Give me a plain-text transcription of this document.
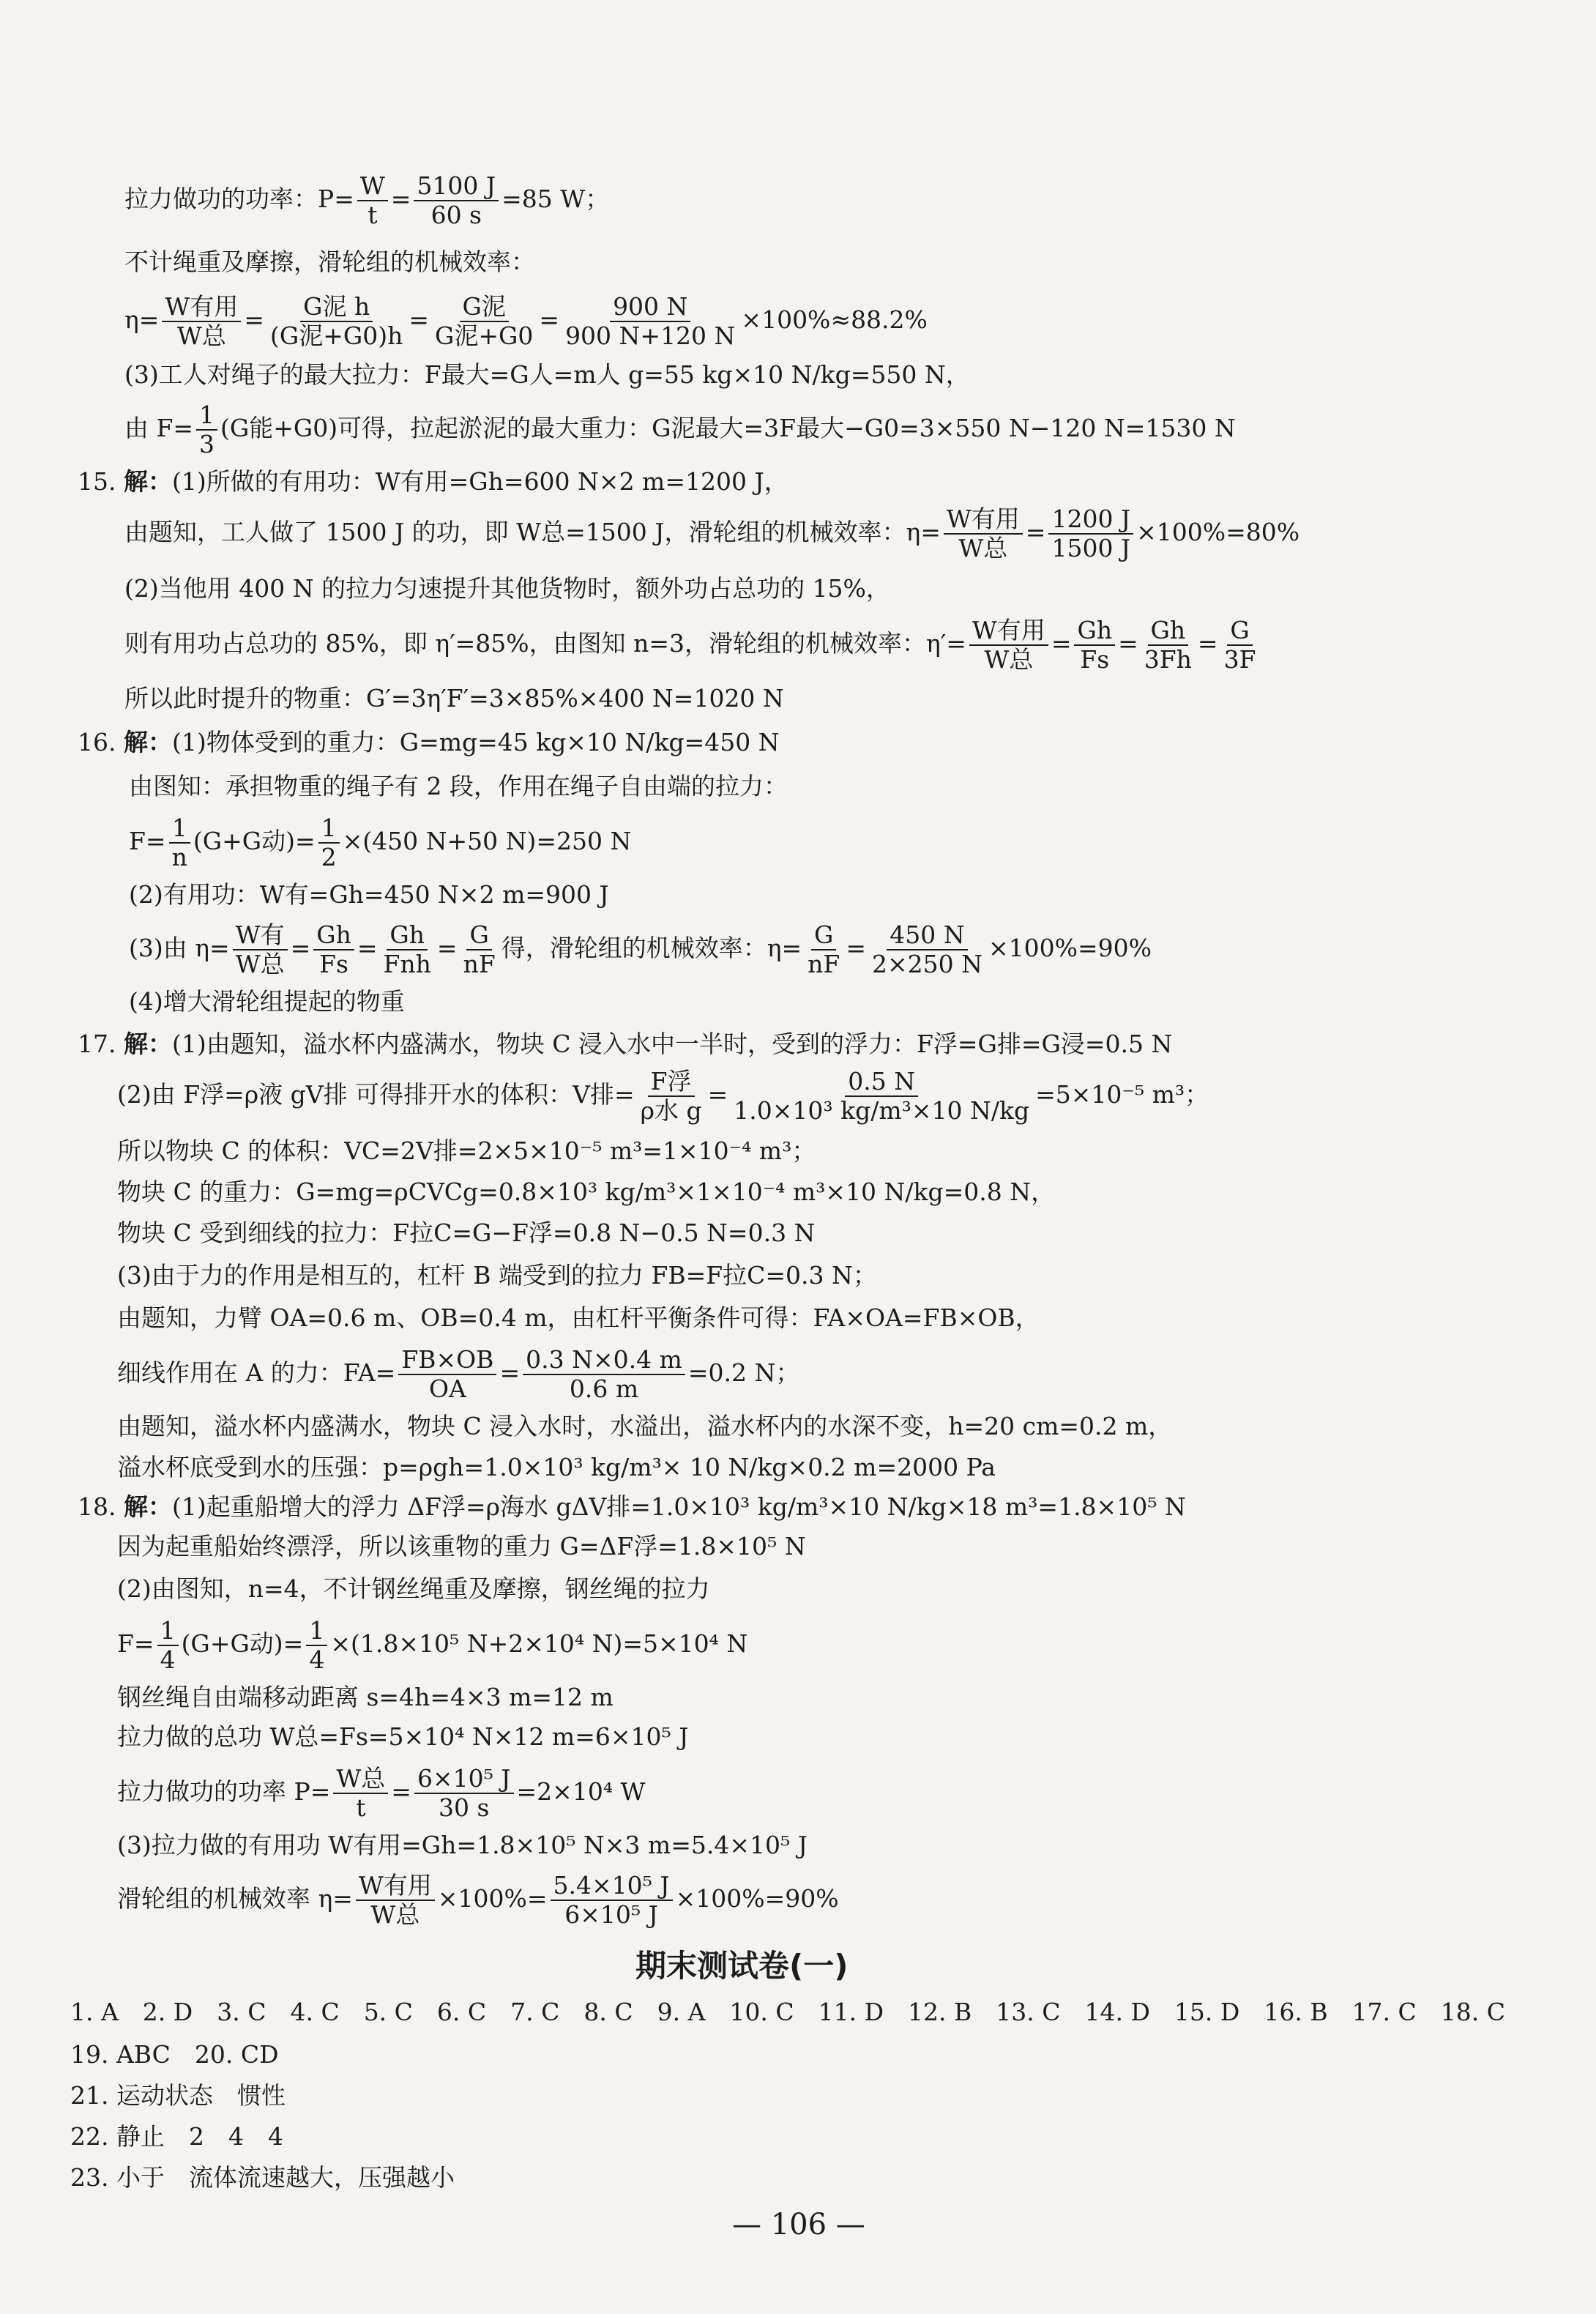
拉力做功的功率：$P= \frac{W}{t} = \frac{5100 J}{60 s} =85$ W；
不计绳重及摩擦，滑轮组的机械效率：
$\eta= \frac{\text{W有用}}{\text{W总}} = \frac{\text{G泥 h}}{\text{(G泥+G0)h}} = \frac{\text{G泥}}{\text{G泥+G0}} = \frac{900 N}{900 N+120 N} \times 100\%\approx 88.2\%$
(3)工人对绳子的最大拉力：F最大=G人=m人 g=55 kg×10 N/kg=550 N，
由 $F= \frac{1}{3} (G$能+G0)可得，拉起淤泥的最大重力：G泥最大=3F最大−G0=3×550 N−120 N=1530 N
15. 解：(1)所做的有用功：W有用=Gh=600 N×2 m=1200 J，
由题知，工人做了 1500 J 的功，即 W总=1500 J，滑轮组的机械效率：$\eta= \frac{\text{W有用}}{\text{W总}} = \frac{1200 J}{1500 J} \times 100\%=80\%$
(2)当他用 400 N 的拉力匀速提升其他货物时，额外功占总功的 15%，
则有用功占总功的 85%，即 η′=85%，由图知 n=3，滑轮组的机械效率：$\eta'= \frac{\text{W有用}}{\text{W总}} = \frac{Gh}{Fs} = \frac{Gh}{3Fh} = \frac{G}{3F}$
所以此时提升的物重：G′=3η′F′=3×85%×400 N=1020 N
16. 解：(1)物体受到的重力：G=mg=45 kg×10 N/kg=450 N
由图知：承担物重的绳子有 2 段，作用在绳子自由端的拉力：
$F= \frac{1}{n} (G+G$动)= $\frac{1}{2} \times(450$ N+50 N)=250 N
(2)有用功：W有=Gh=450 N×2 m=900 J
(3)由 $\eta= \frac{\text{W有}}{\text{W总}} = \frac{Gh}{Fs} = \frac{Gh}{\text{Fnh}} = \frac{G}{nF}$ 得，滑轮组的机械效率：$\eta= \frac{G}{nF} = \frac{450 N}{2\times 250 N} \times 100\%=90\%$
(4)增大滑轮组提起的物重
17. 解：(1)由题知，溢水杯内盛满水，物块 C 浸入水中一半时，受到的浮力：F浮=G排=G浸=0.5 N
(2)由 F浮=ρ液 gV排 可得排开水的体积：V排= $\frac{\text{F浮}}{\text{ρ水 g}} = \frac{0.5 N}{\text{1.0×10³ kg/m³×10 N/kg}} =5\times 10^{-5}$ m³；
所以物块 C 的体积：VC=2V排=2×5×10⁻⁵ m³=1×10⁻⁴ m³；
物块 C 的重力：G=mg=ρCVCg=0.8×10³ kg/m³×1×10⁻⁴ m³×10 N/kg=0.8 N，
物块 C 受到细线的拉力：F拉C=G−F浮=0.8 N−0.5 N=0.3 N
(3)由于力的作用是相互的，杠杆 B 端受到的拉力 FB=F拉C=0.3 N；
由题知，力臂 OA=0.6 m、OB=0.4 m，由杠杆平衡条件可得：FA×OA=FB×OB，
细线作用在 A 的力：$FA= \frac{FB\times OB}{OA} = \frac{0.3 N\times 0.4 m}{0.6 m} =0.2$ N；
由题知，溢水杯内盛满水，物块 C 浸入水时，水溢出，溢水杯内的水深不变，h=20 cm=0.2 m，
溢水杯底受到水的压强：p=ρgh=1.0×10³ kg/m³× 10 N/kg×0.2 m=2000 Pa
18. 解：(1)起重船增大的浮力 ΔF浮=ρ海水 gΔV排=1.0×10³ kg/m³×10 N/kg×18 m³=1.8×10⁵ N
因为起重船始终漂浮，所以该重物的重力 G=ΔF浮=1.8×10⁵ N
(2)由图知，n=4，不计钢丝绳重及摩擦，钢丝绳的拉力
$F= \frac{1}{4} (G+G$动)= $\frac{1}{4} \times(1.8\times 10^5$ N+2×10⁴ N)=5×10⁴ N
钢丝绳自由端移动距离 s=4h=4×3 m=12 m
拉力做的总功 W总=Fs=5×10⁴ N×12 m=6×10⁵ J
拉力做功的功率 $P= \frac{\text{W总}}{t} = \frac{\text{6×10⁵ J}}{30 s} =2\times 10^4$ W
(3)拉力做的有用功 W有用=Gh=1.8×10⁵ N×3 m=5.4×10⁵ J
滑轮组的机械效率 $\eta= \frac{\text{W有用}}{\text{W总}} \times 100\%= \frac{\text{5.4×10⁵ J}}{\text{6×10⁵ J}} \times 100\%=90\%$
期末测试卷(一)
1. A　2. D　3. C　4. C　5. C　6. C　7. C　8. C　9. A　10. C　11. D　12. B　13. C　14. D　15. D　16. B　17. C　18. C
19. ABC　20. CD
21. 运动状态　惯性
22. 静止　2　4　4
23. 小于　流体流速越大，压强越小
— 106 —
